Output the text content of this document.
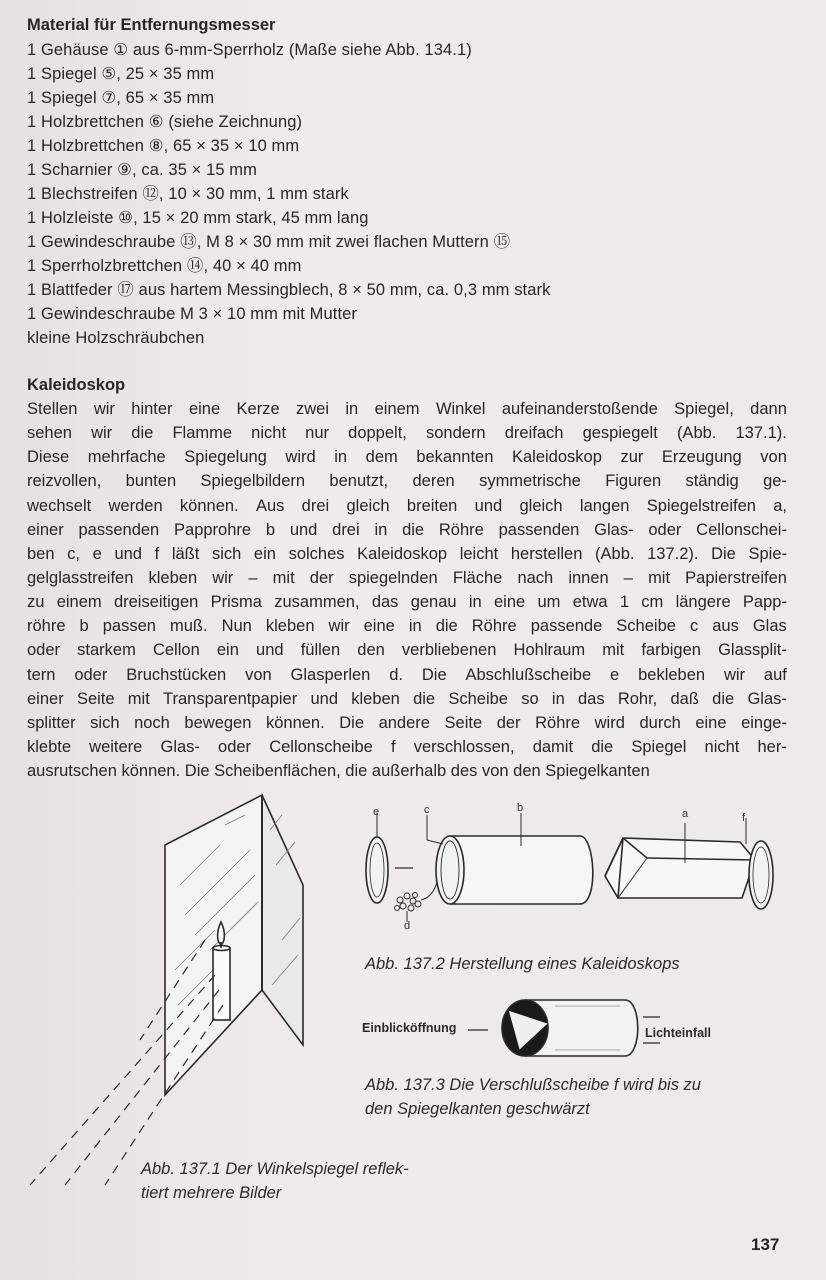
Material für Entfernungsmesser
1 Gehäuse ① aus 6-mm-Sperrholz (Maße siehe Abb. 134.1)
1 Spiegel ⑤, 25 × 35 mm
1 Spiegel ⑦, 65 × 35 mm
1 Holzbrettchen ⑥ (siehe Zeichnung)
1 Holzbrettchen ⑧, 65 × 35 × 10 mm
1 Scharnier ⑨, ca. 35 × 15 mm
1 Blechstreifen ⑫, 10 × 30 mm, 1 mm stark
1 Holzleiste ⑩, 15 × 20 mm stark, 45 mm lang
1 Gewindeschraube ⑬, M 8 × 30 mm mit zwei flachen Muttern ⑮
1 Sperrholzbrettchen ⑭, 40 × 40 mm
1 Blattfeder ⑰ aus hartem Messingblech, 8 × 50 mm, ca. 0,3 mm stark
1 Gewindeschraube M 3 × 10 mm mit Mutter
kleine Holzschräubchen
Kaleidoskop
Stellen wir hinter eine Kerze zwei in einem Winkel aufeinanderstoßende Spiegel, dann
sehen wir die Flamme nicht nur doppelt, sondern dreifach gespiegelt (Abb. 137.1).
Diese mehrfache Spiegelung wird in dem bekannten Kaleidoskop zur Erzeugung von
reizvollen, bunten Spiegelbildern benutzt, deren symmetrische Figuren ständig ge-
wechselt werden können. Aus drei gleich breiten und gleich langen Spiegelstreifen a,
einer passenden Papprohre b und drei in die Röhre passenden Glas- oder Cellonschei-
ben c, e und f läßt sich ein solches Kaleidoskop leicht herstellen (Abb. 137.2). Die Spie-
gelglasstreifen kleben wir – mit der spiegelnden Fläche nach innen – mit Papierstreifen
zu einem dreiseitigen Prisma zusammen, das genau in eine um etwa 1 cm längere Papp-
röhre b passen muß. Nun kleben wir eine in die Röhre passende Scheibe c aus Glas
oder starkem Cellon ein und füllen den verbliebenen Hohlraum mit farbigen Glassplit-
tern oder Bruchstücken von Glasperlen d. Die Abschlußscheibe e bekleben wir auf
einer Seite mit Transparentpapier und kleben die Scheibe so in das Rohr, daß die Glas-
splitter sich noch bewegen können. Die andere Seite der Röhre wird durch eine einge-
klebte weitere Glas- oder Cellonscheibe f verschlossen, damit die Spiegel nicht her-
ausrutschen können. Die Scheibenflächen, die außerhalb des von den Spiegelkanten
Abb. 137.1 Der Winkelspiegel reflek-
tiert mehrere Bilder
e	c	b	a	f
d
Abb. 137.2 Herstellung eines Kaleidoskops
Einblicköffnung	Lichteinfall
Abb. 137.3 Die Verschlußscheibe f wird bis zu
den Spiegelkanten geschwärzt
137
